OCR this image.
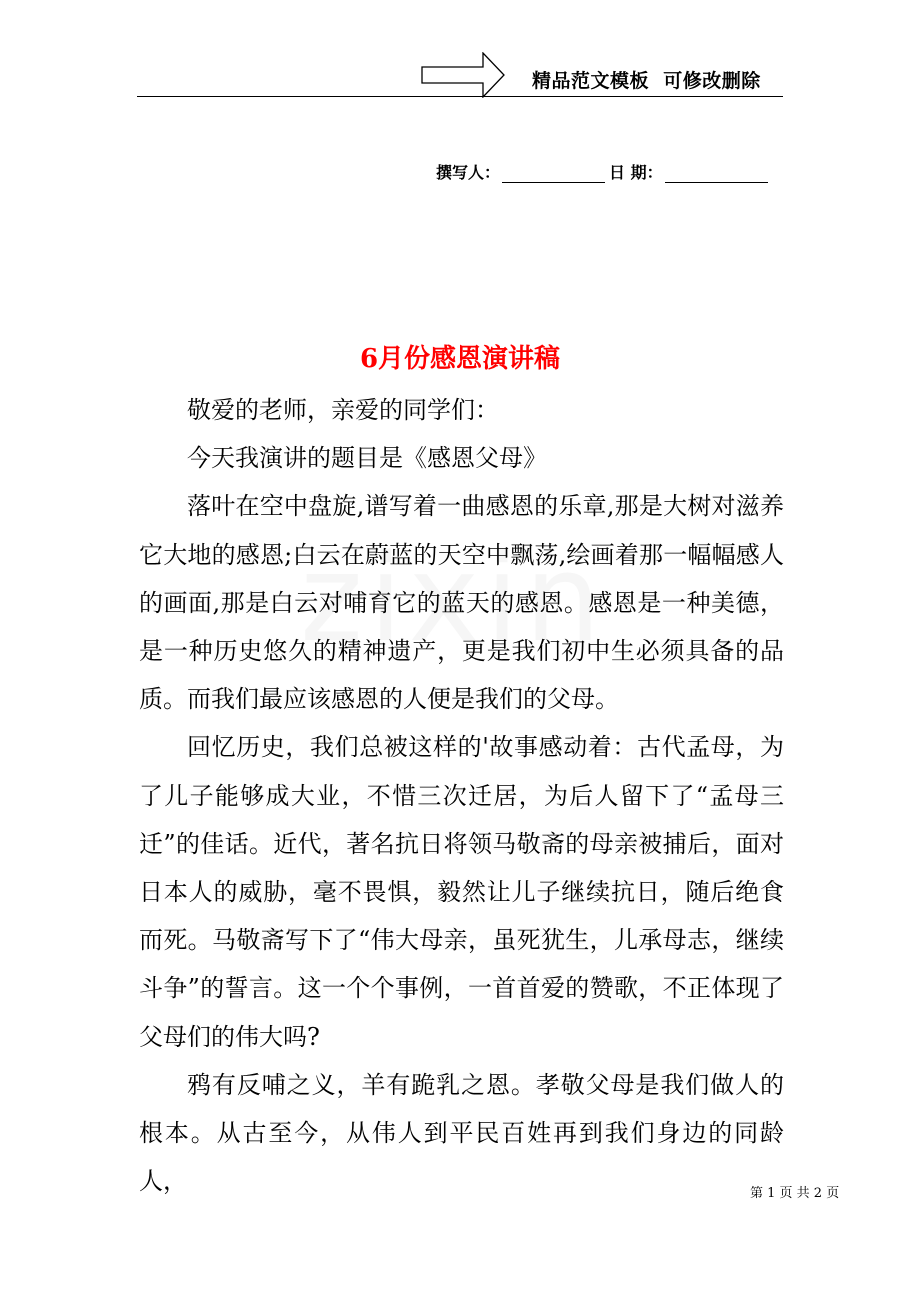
精品范文模板  可修改删除
撰写人：	日 期：
6月份感恩演讲稿

敬爱的老师，亲爱的同学们：

今天我演讲的题目是《感恩父母》

落叶在空中盘旋,谱写着一曲感恩的乐章,那是大树对滋养它大地的感恩;白云在蔚蓝的天空中飘荡,绘画着那一幅幅感人的画面,那是白云对哺育它的蓝天的感恩。感恩是一种美德，是一种历史悠久的精神遗产，更是我们初中生必须具备的品质。而我们最应该感恩的人便是我们的父母。

回忆历史，我们总被这样的'故事感动着：古代孟母，为了儿子能够成大业，不惜三次迁居，为后人留下了“孟母三迁”的佳话。近代，著名抗日将领马敬斋的母亲被捕后，面对日本人的威胁，毫不畏惧，毅然让儿子继续抗日，随后绝食而死。马敬斋写下了“伟大母亲，虽死犹生，儿承母志，继续斗争”的誓言。这一个个事例，一首首爱的赞歌，不正体现了父母们的伟大吗?

鸦有反哺之义，羊有跪乳之恩。孝敬父母是我们做人的根本。从古至今，从伟人到平民百姓再到我们身边的同龄人，	第 1 页 共 2 页
